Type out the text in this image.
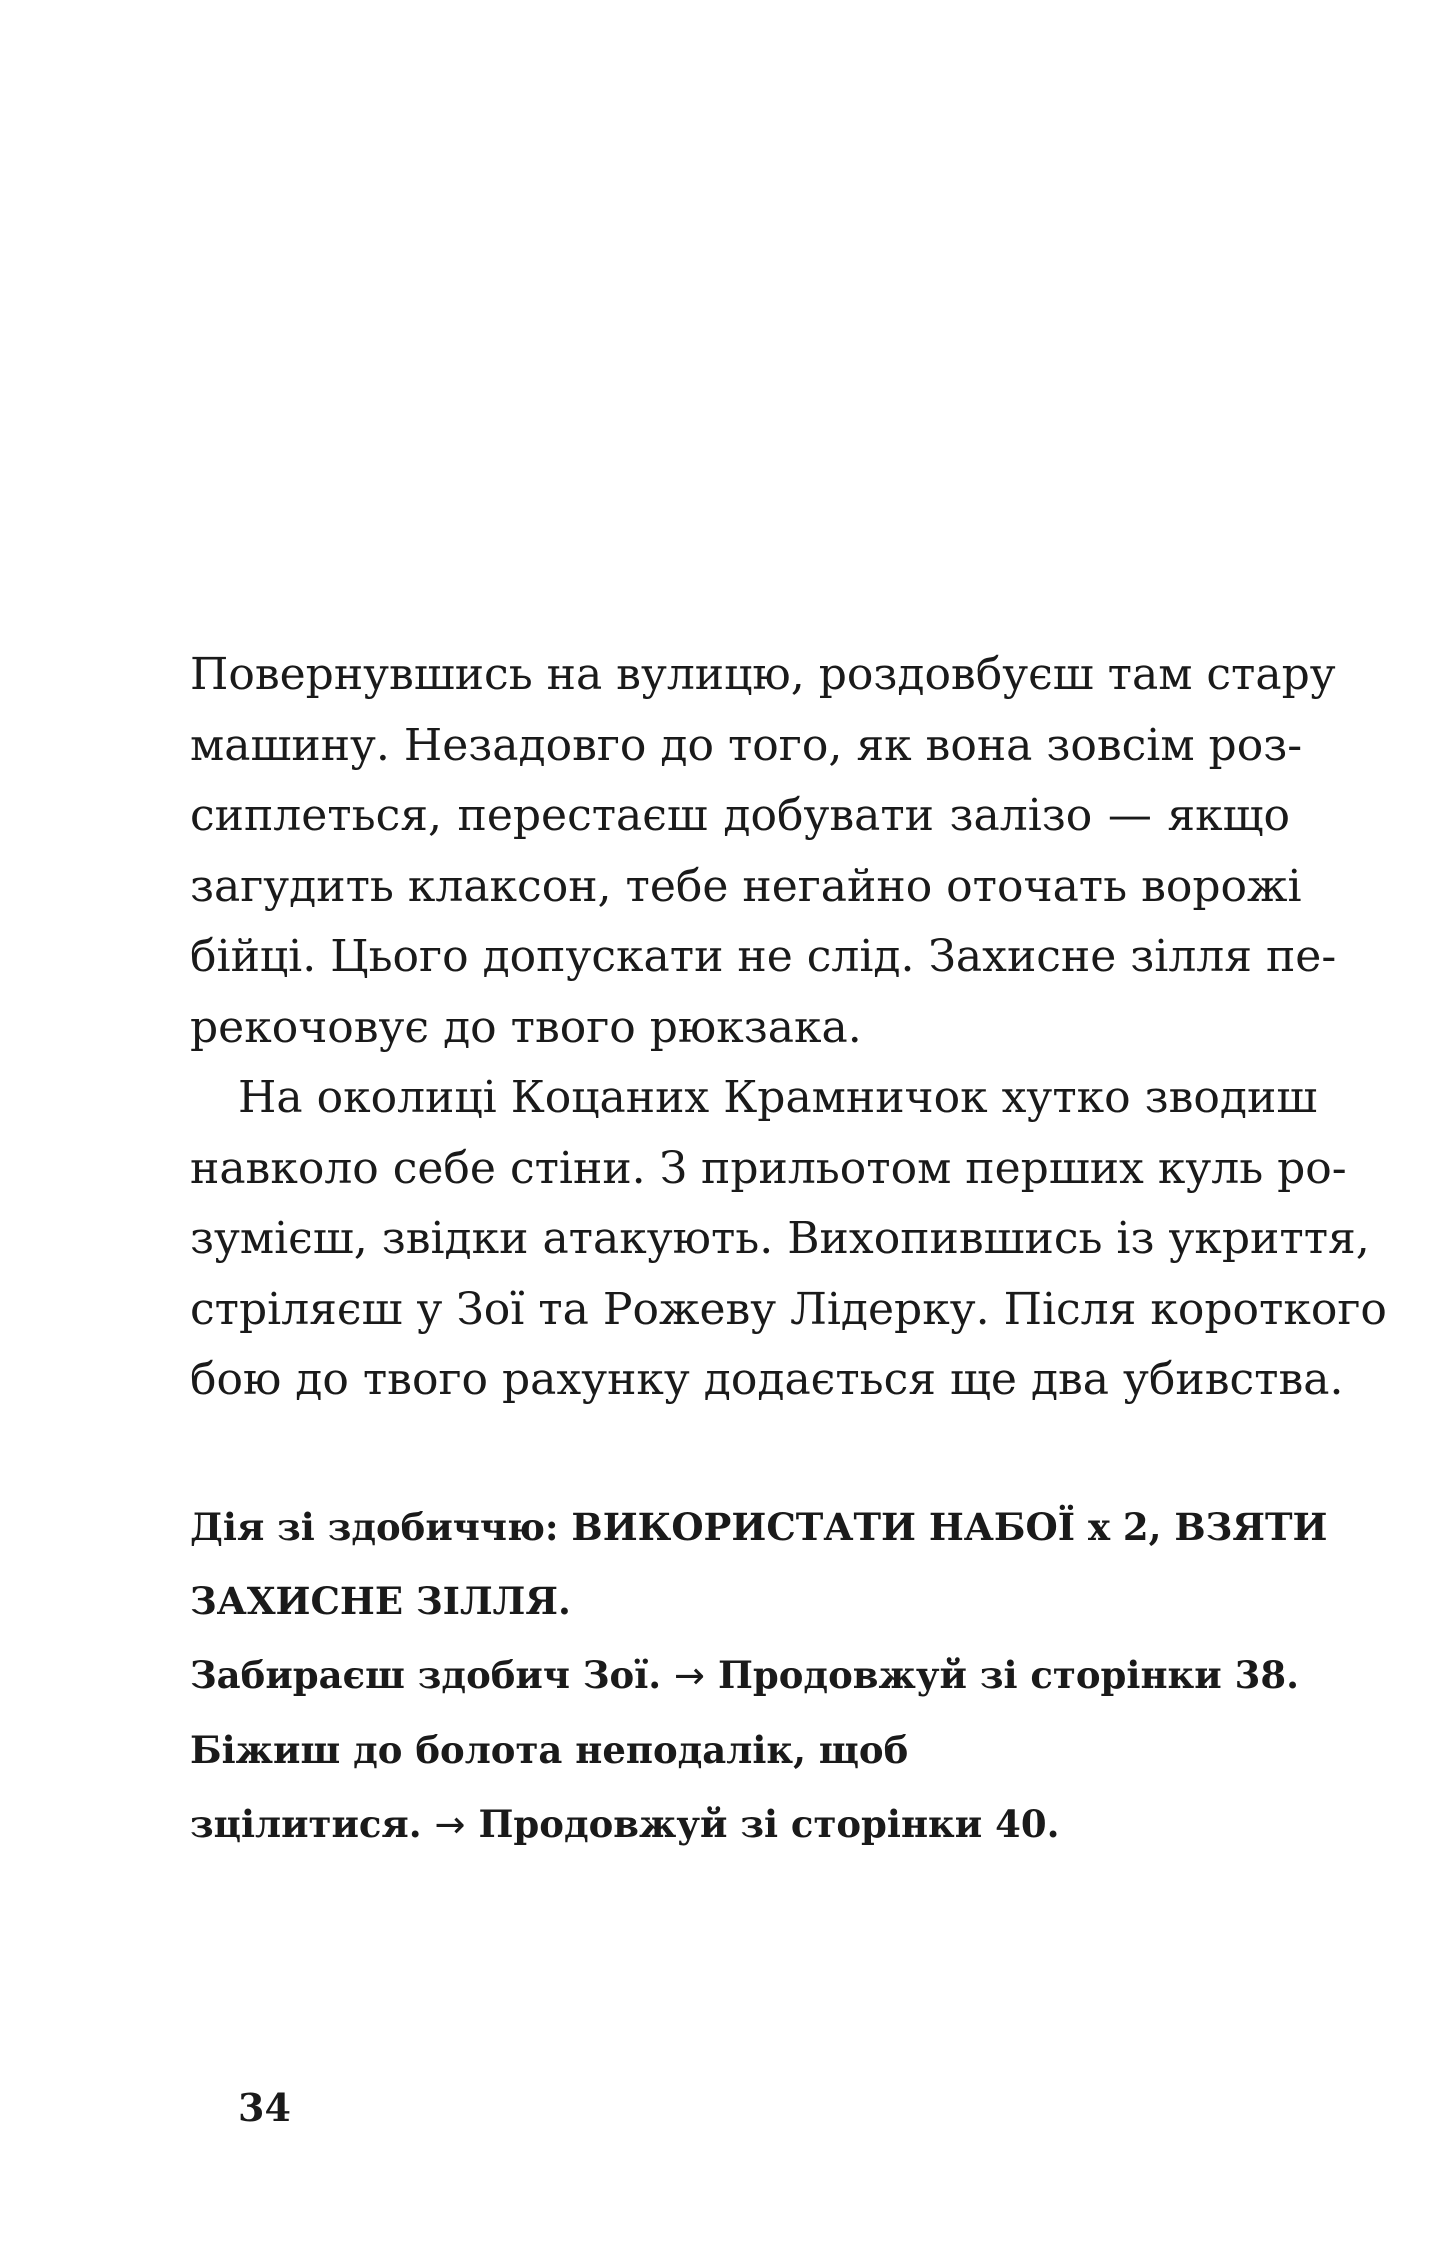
Повернувшись на вулицю, роздовбуєш там стару
машину. Незадовго до того, як вона зовсім роз-
сиплеться, перестаєш добувати залізо — якщо
загудить клаксон, тебе негайно оточать ворожі
бійці. Цього допускати не слід. Захисне зілля пе-
рекочовує до твого рюкзака.
На околиці Коцаних Крамничок хутко зводиш
навколо себе стіни. З прильотом перших куль ро-
зумієш, звідки атакують. Вихопившись із укриття,
стріляєш у Зої та Рожеву Лідерку. Після короткого
бою до твого рахунку додається ще два убивства.
Дія зі здобиччю: ВИКОРИСТАТИ НАБОЇ х 2, ВЗЯТИ
ЗАХИСНЕ ЗІЛЛЯ.
Забираєш здобич Зої. → Продовжуй зі сторінки 38.
Біжиш до болота неподалік, щоб
зцілитися. → Продовжуй зі сторінки 40.
34
